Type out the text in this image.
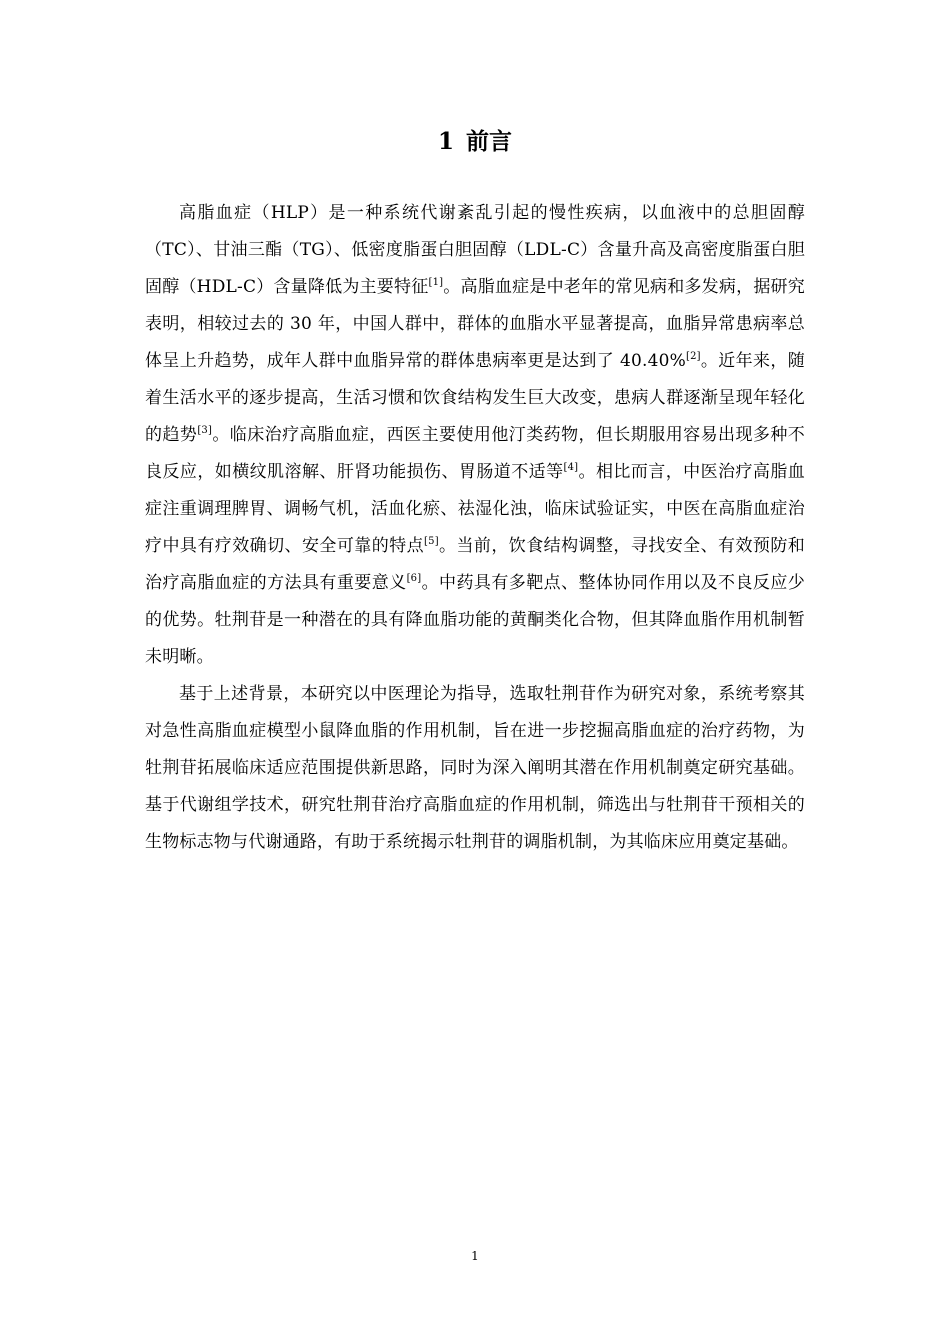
1 前言

高脂血症（HLP）是一种系统代谢紊乱引起的慢性疾病，以血液中的总胆固醇（TC）、甘油三酯（TG）、低密度脂蛋白胆固醇（LDL-C）含量升高及高密度脂蛋白胆固醇（HDL-C）含量降低为主要特征[1]。高脂血症是中老年的常见病和多发病，据研究表明，相较过去的 30 年，中国人群中，群体的血脂水平显著提高，血脂异常患病率总体呈上升趋势，成年人群中血脂异常的群体患病率更是达到了 40.40%[2]。近年来，随着生活水平的逐步提高，生活习惯和饮食结构发生巨大改变，患病人群逐渐呈现年轻化的趋势[3]。临床治疗高脂血症，西医主要使用他汀类药物，但长期服用容易出现多种不良反应，如横纹肌溶解、肝肾功能损伤、胃肠道不适等[4]。相比而言，中医治疗高脂血症注重调理脾胃、调畅气机，活血化瘀、祛湿化浊，临床试验证实，中医在高脂血症治疗中具有疗效确切、安全可靠的特点[5]。当前，饮食结构调整，寻找安全、有效预防和治疗高脂血症的方法具有重要意义[6]。中药具有多靶点、整体协同作用以及不良反应少的优势。牡荆苷是一种潜在的具有降血脂功能的黄酮类化合物，但其降血脂作用机制暂未明晰。

基于上述背景，本研究以中医理论为指导，选取牡荆苷作为研究对象，系统考察其对急性高脂血症模型小鼠降血脂的作用机制，旨在进一步挖掘高脂血症的治疗药物，为牡荆苷拓展临床适应范围提供新思路，同时为深入阐明其潜在作用机制奠定研究基础。基于代谢组学技术，研究牡荆苷治疗高脂血症的作用机制，筛选出与牡荆苷干预相关的生物标志物与代谢通路，有助于系统揭示牡荆苷的调脂机制，为其临床应用奠定基础。

1
